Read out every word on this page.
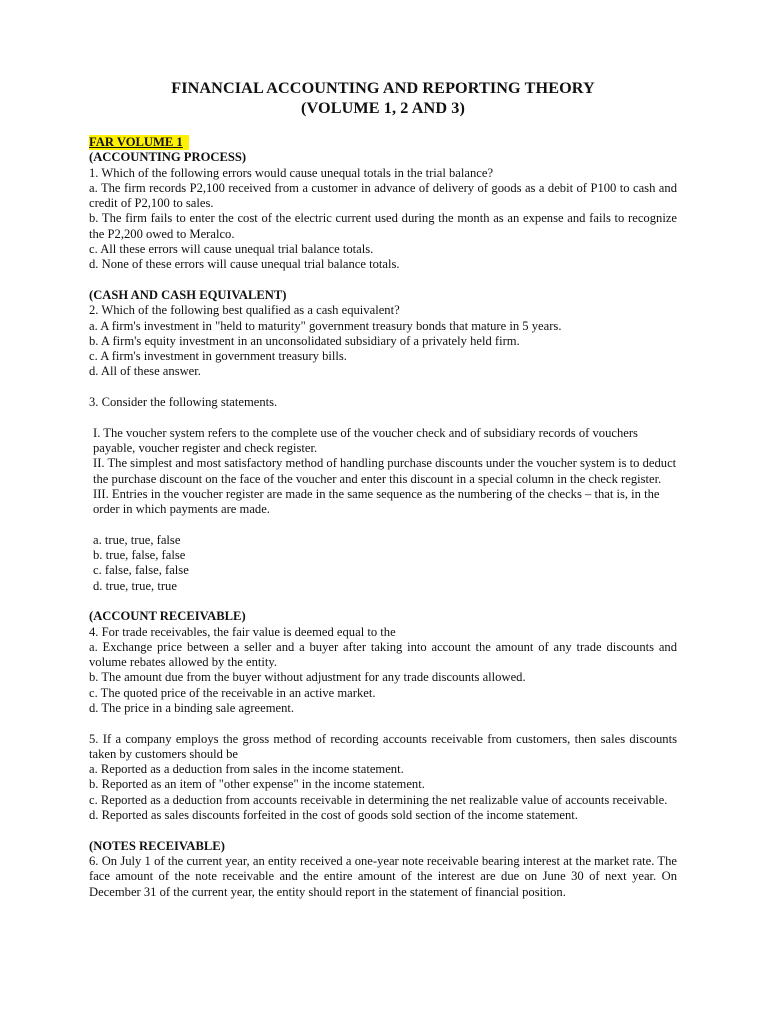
FINANCIAL ACCOUNTING AND REPORTING THEORY

(VOLUME 1, 2 AND 3)

FAR VOLUME 1

(ACCOUNTING PROCESS)

1. Which of the following errors would cause unequal totals in the trial balance?

a. The firm records P2,100 received from a customer in advance of delivery of goods as a debit of P100 to cash and credit of P2,100 to sales.

b. The firm fails to enter the cost of the electric current used during the month as an expense and fails to recognize the P2,200 owed to Meralco.

c. All these errors will cause unequal trial balance totals.

d. None of these errors will cause unequal trial balance totals.

(CASH AND CASH EQUIVALENT)

2. Which of the following best qualified as a cash equivalent?

a. A firm's investment in "held to maturity" government treasury bonds that mature in 5 years.

b. A firm's equity investment in an unconsolidated subsidiary of a privately held firm.

c. A firm's investment in government treasury bills.

d. All of these answer.

3. Consider the following statements.

I. The voucher system refers to the complete use of the voucher check and of subsidiary records of vouchers payable, voucher register and check register.

II. The simplest and most satisfactory method of handling purchase discounts under the voucher system is to deduct the purchase discount on the face of the voucher and enter this discount in a special column in the check register.

III. Entries in the voucher register are made in the same sequence as the numbering of the checks – that is, in the order in which payments are made.

a. true, true, false

b. true, false, false

c. false, false, false

d. true, true, true

(ACCOUNT RECEIVABLE)

4. For trade receivables, the fair value is deemed equal to the

a. Exchange price between a seller and a buyer after taking into account the amount of any trade discounts and volume rebates allowed by the entity.

b. The amount due from the buyer without adjustment for any trade discounts allowed.

c. The quoted price of the receivable in an active market.

d. The price in a binding sale agreement.

5. If a company employs the gross method of recording accounts receivable from customers, then sales discounts taken by customers should be

a. Reported as a deduction from sales in the income statement.

b. Reported as an item of "other expense" in the income statement.

c. Reported as a deduction from accounts receivable in determining the net realizable value of accounts receivable.

d. Reported as sales discounts forfeited in the cost of goods sold section of the income statement.

(NOTES RECEIVABLE)

6. On July 1 of the current year, an entity received a one-year note receivable bearing interest at the market rate. The face amount of the note receivable and the entire amount of the interest are due on June 30 of next year. On December 31 of the current year, the entity should report in the statement of financial position.
